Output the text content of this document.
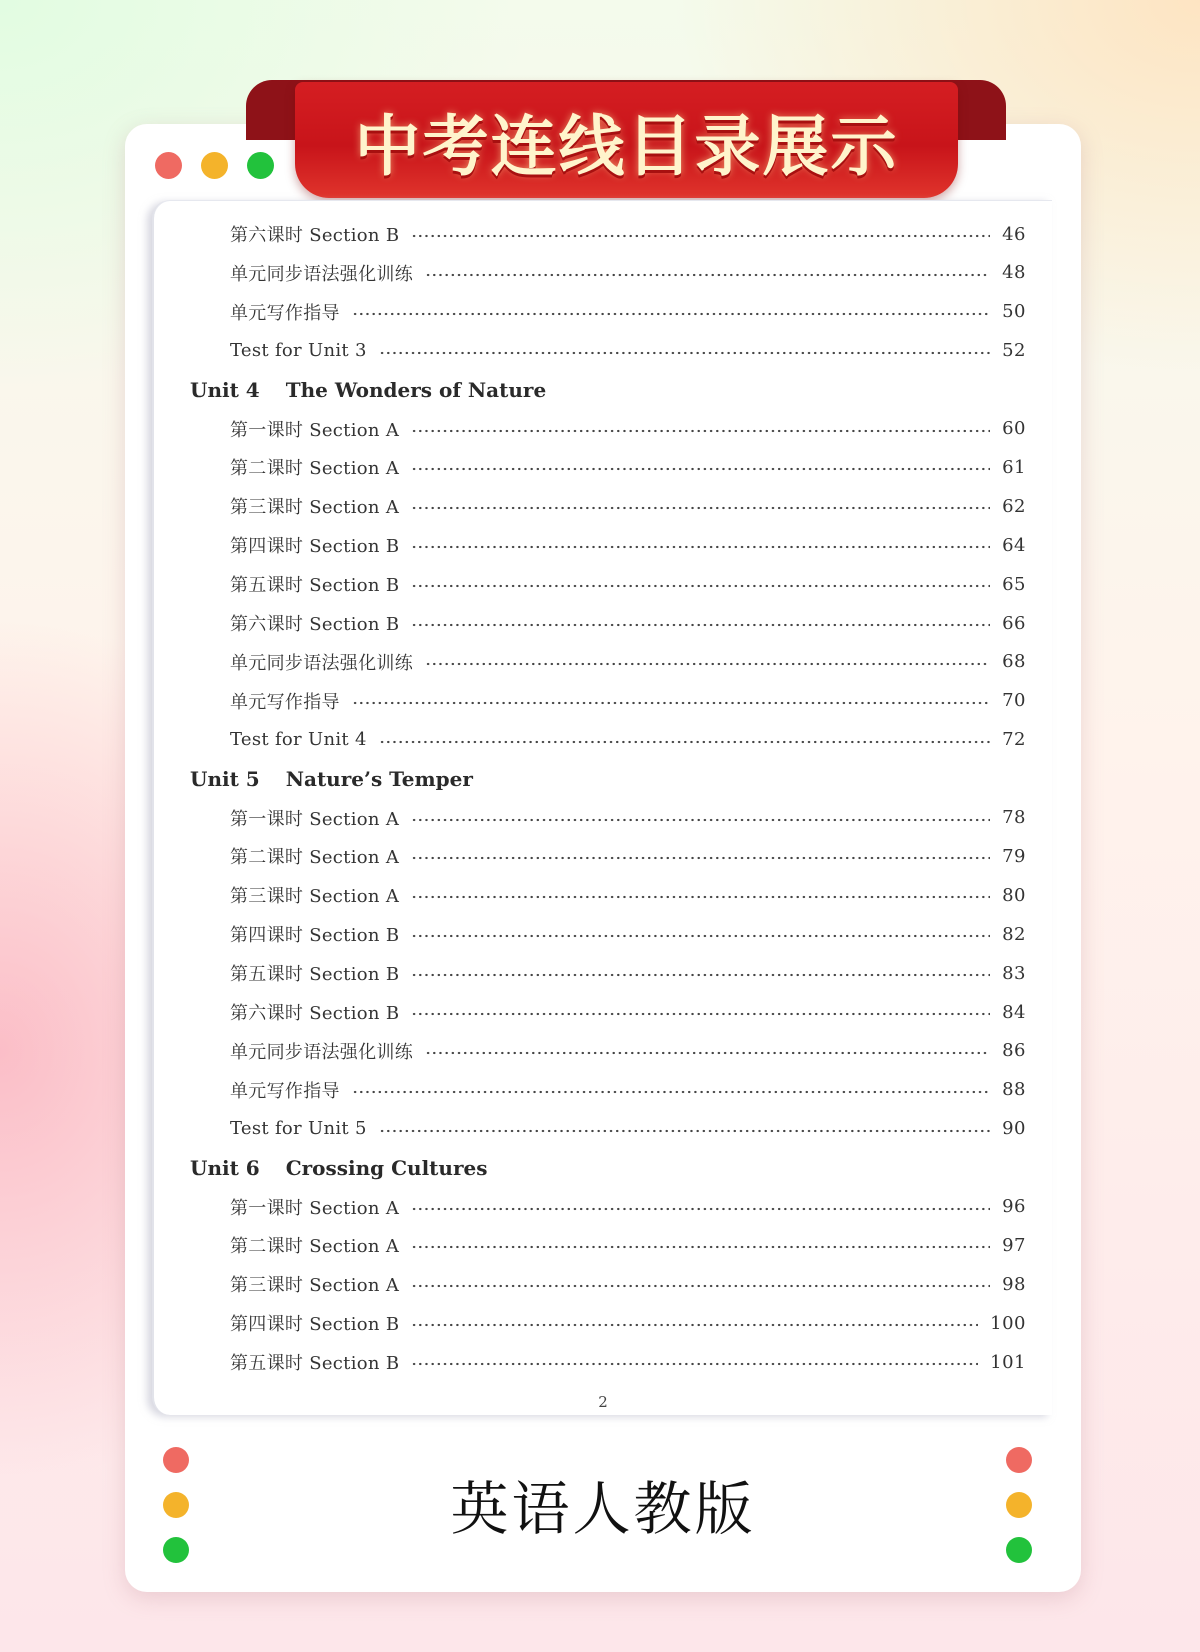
中考连线目录展示
第六课时 Section B	46
单元同步语法强化训练	48
单元写作指导	50
Test for Unit 3	52
Unit 4 The Wonders of Nature
第一课时 Section A	60
第二课时 Section A	61
第三课时 Section A	62
第四课时 Section B	64
第五课时 Section B	65
第六课时 Section B	66
单元同步语法强化训练	68
单元写作指导	70
Test for Unit 4	72
Unit 5 Nature’s Temper
第一课时 Section A	78
第二课时 Section A	79
第三课时 Section A	80
第四课时 Section B	82
第五课时 Section B	83
第六课时 Section B	84
单元同步语法强化训练	86
单元写作指导	88
Test for Unit 5	90
Unit 6 Crossing Cultures
第一课时 Section A	96
第二课时 Section A	97
第三课时 Section A	98
第四课时 Section B	100
第五课时 Section B	101
2
英语人教版
